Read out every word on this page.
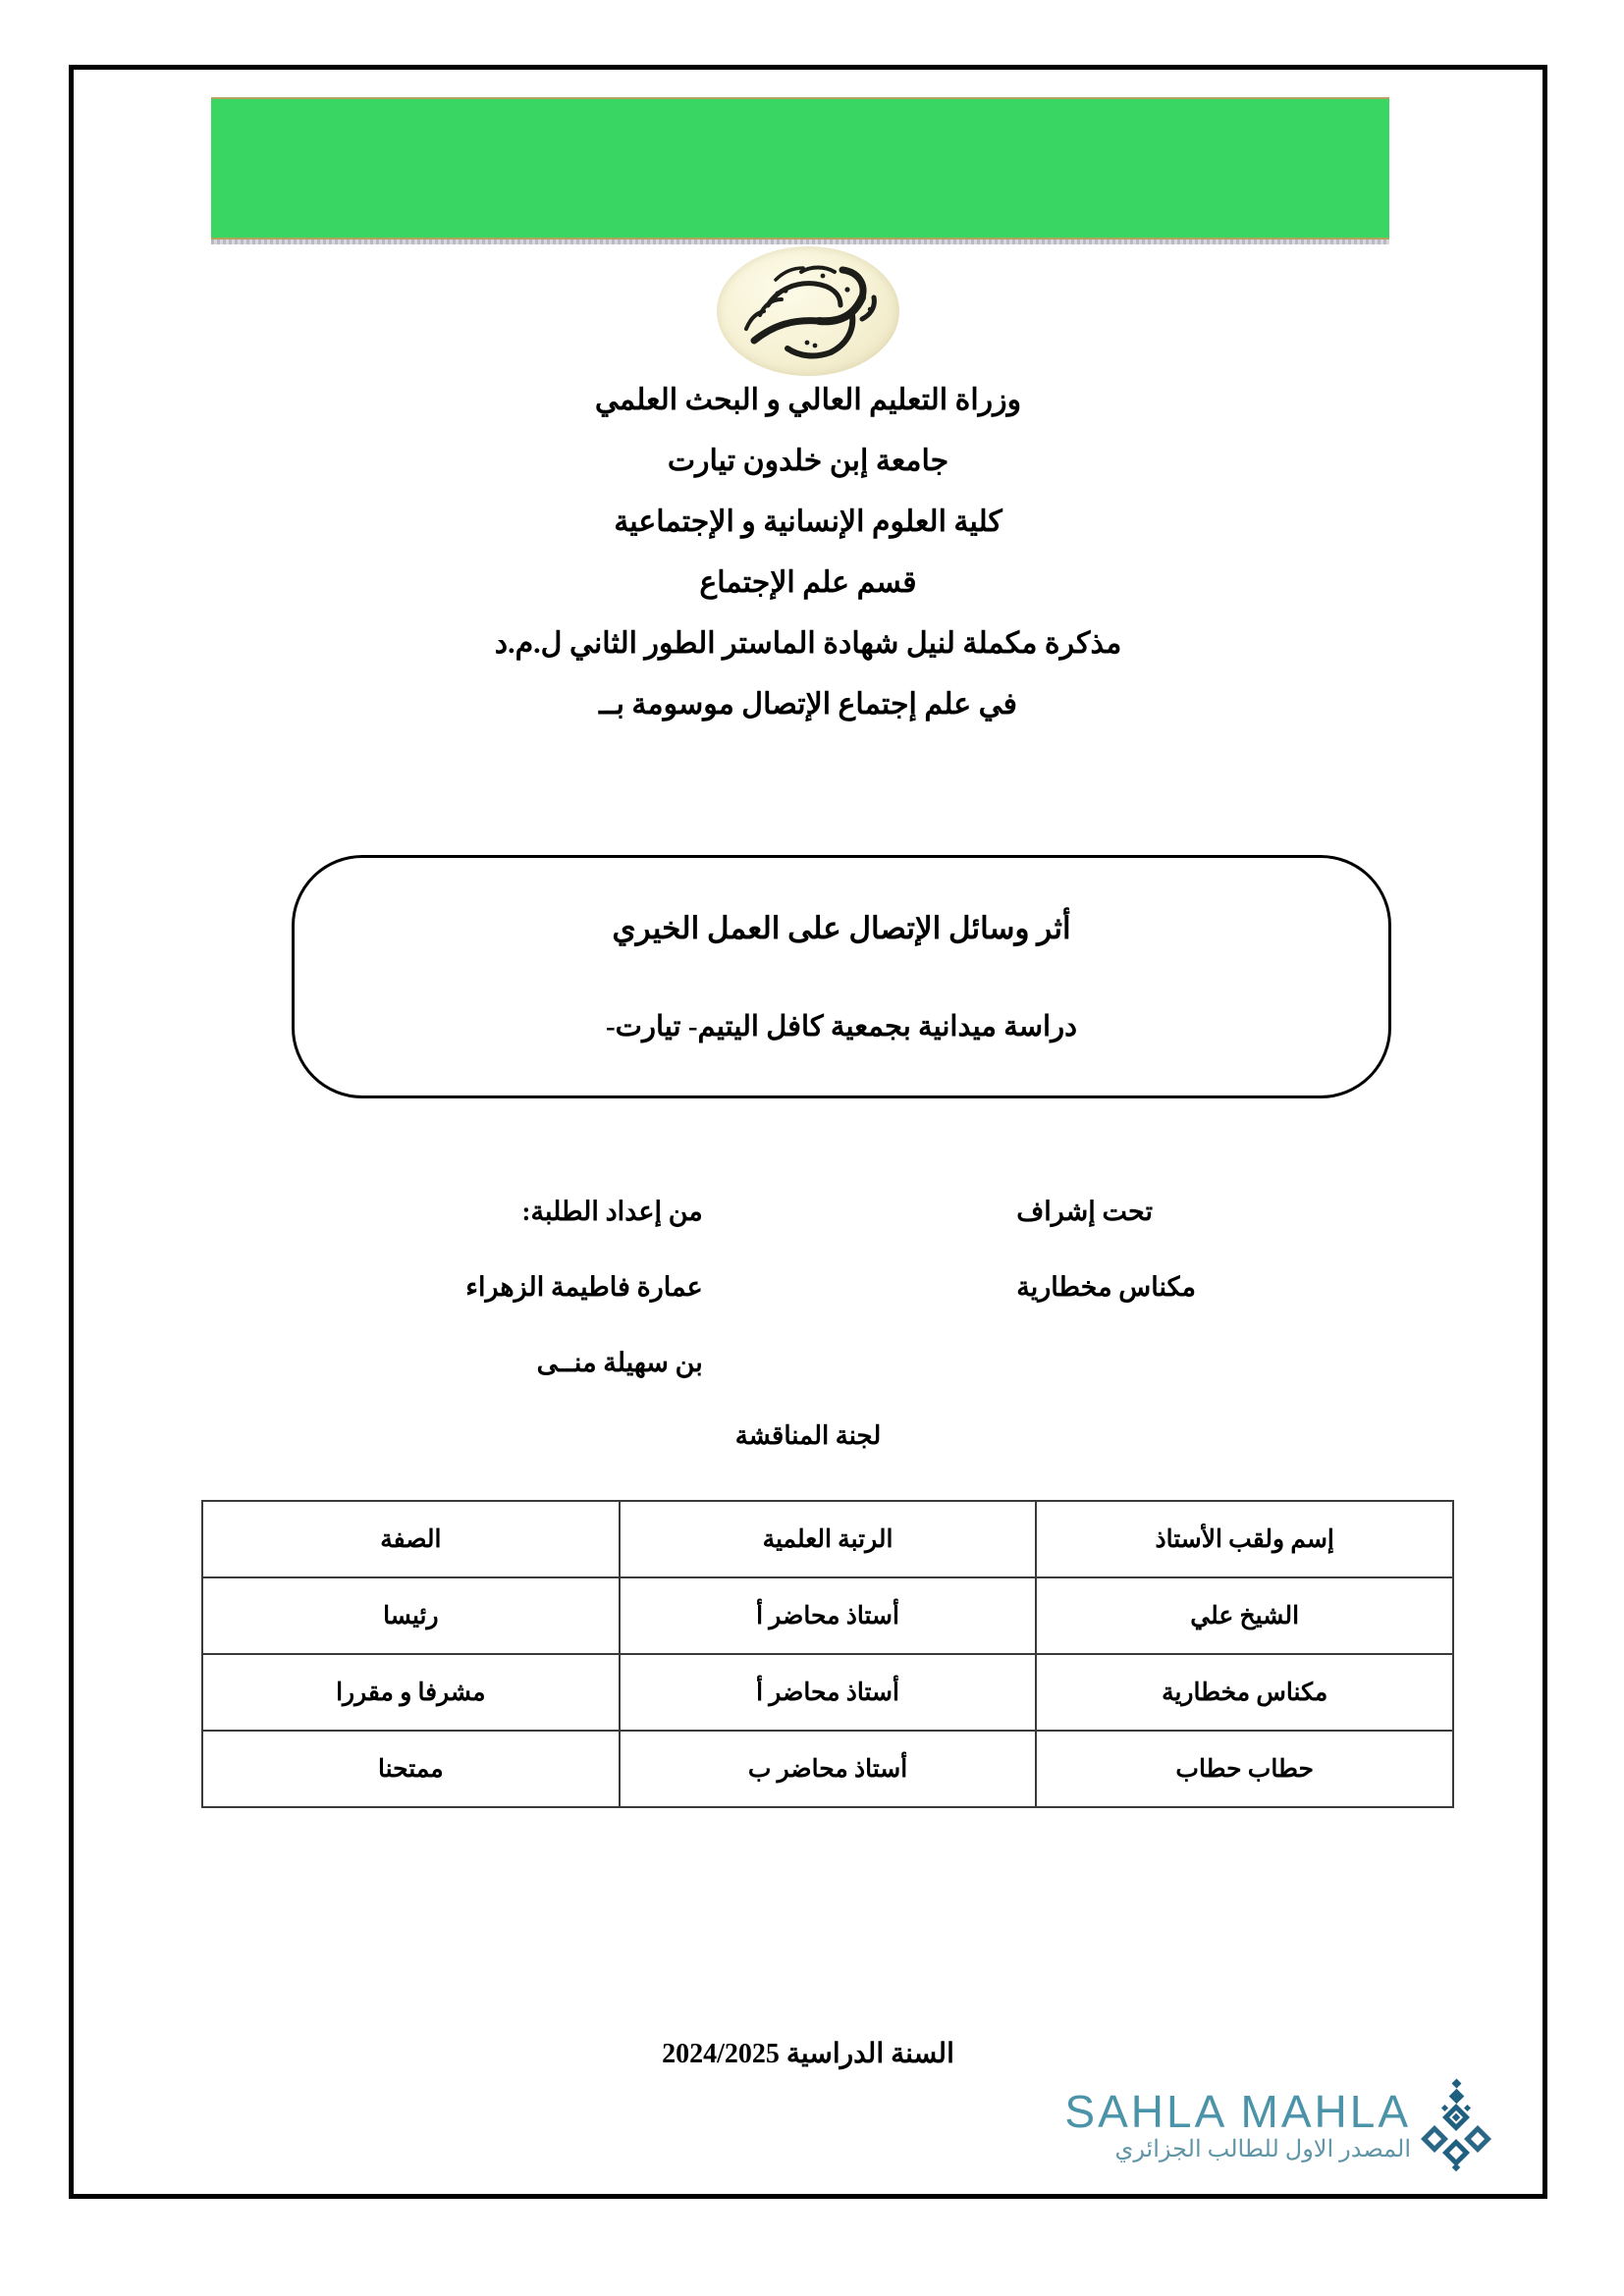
وزراة التعليم العالي و البحث العلمي

جامعة إبن خلدون تيارت

كلية العلوم الإنسانية و الإجتماعية

قسم علم الإجتماع

مذكرة مكملة لنيل شهادة الماستر الطور الثاني ل.م.د

في علم إجتماع الإتصال موسومة بــ

أثر وسائل الإتصال على العمل الخيري
دراسة ميدانية بجمعية كافل اليتيم- تيارت-

تحت إشراف

مكناس مخطارية

من إعداد الطلبة:

عمارة فاطيمة الزهراء

بن سهيلة منــى

لجنة المناقشة
إسم ولقب الأستاذ	الرتبة العلمية	الصفة
الشيخ علي	أستاذ محاضر أ	رئيسا
مكناس مخطارية	أستاذ محاضر أ	مشرفا و مقررا
حطاب حطاب	أستاذ محاضر ب	ممتحنا
السنة الدراسية 2024/2025
SAHLA MAHLA
المصدر الاول للطالب الجزائري
